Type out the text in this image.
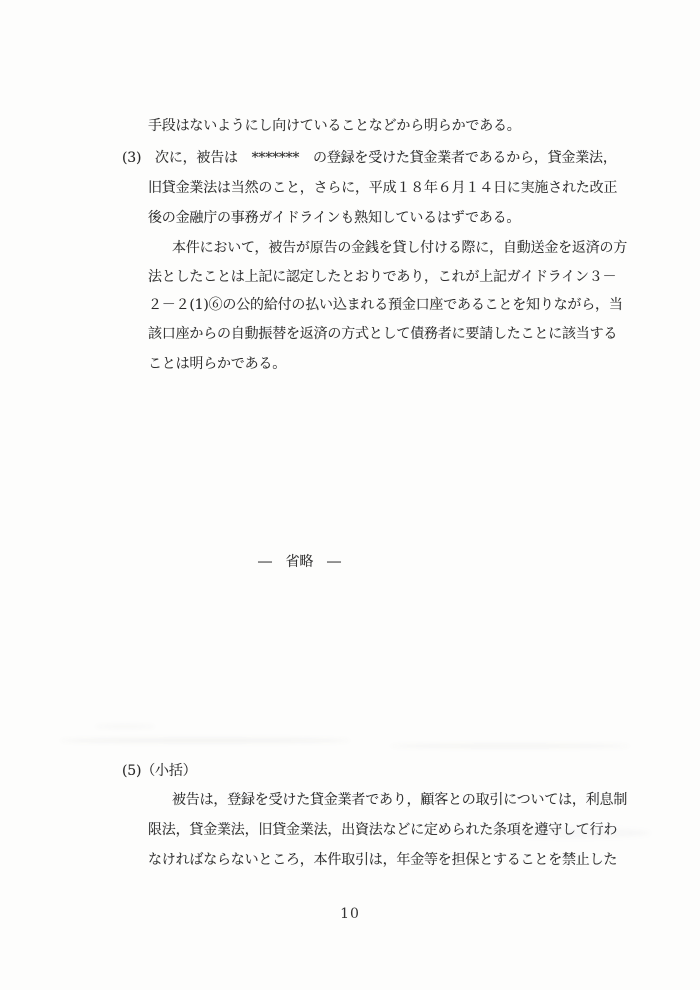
手段はないようにし向けていることなどから明らかである。
(3)　次に，被告は　*******　の登録を受けた貸金業者であるから，貸金業法，
旧貸金業法は当然のこと，さらに，平成１８年６月１４日に実施された改正
後の金融庁の事務ガイドラインも熟知しているはずである。
本件において，被告が原告の金銭を貸し付ける際に，自動送金を返済の方
法としたことは上記に認定したとおりであり，これが上記ガイドライン３－
２－２(1)⑥の公的給付の払い込まれる預金口座であることを知りながら，当
該口座からの自動振替を返済の方式として債務者に要請したことに該当する
ことは明らかである。
―　省略　―
(5)（小括）
被告は，登録を受けた貸金業者であり，顧客との取引については，利息制
限法，貸金業法，旧貸金業法，出資法などに定められた条項を遵守して行わ
なければならないところ，本件取引は，年金等を担保とすることを禁止した
10
